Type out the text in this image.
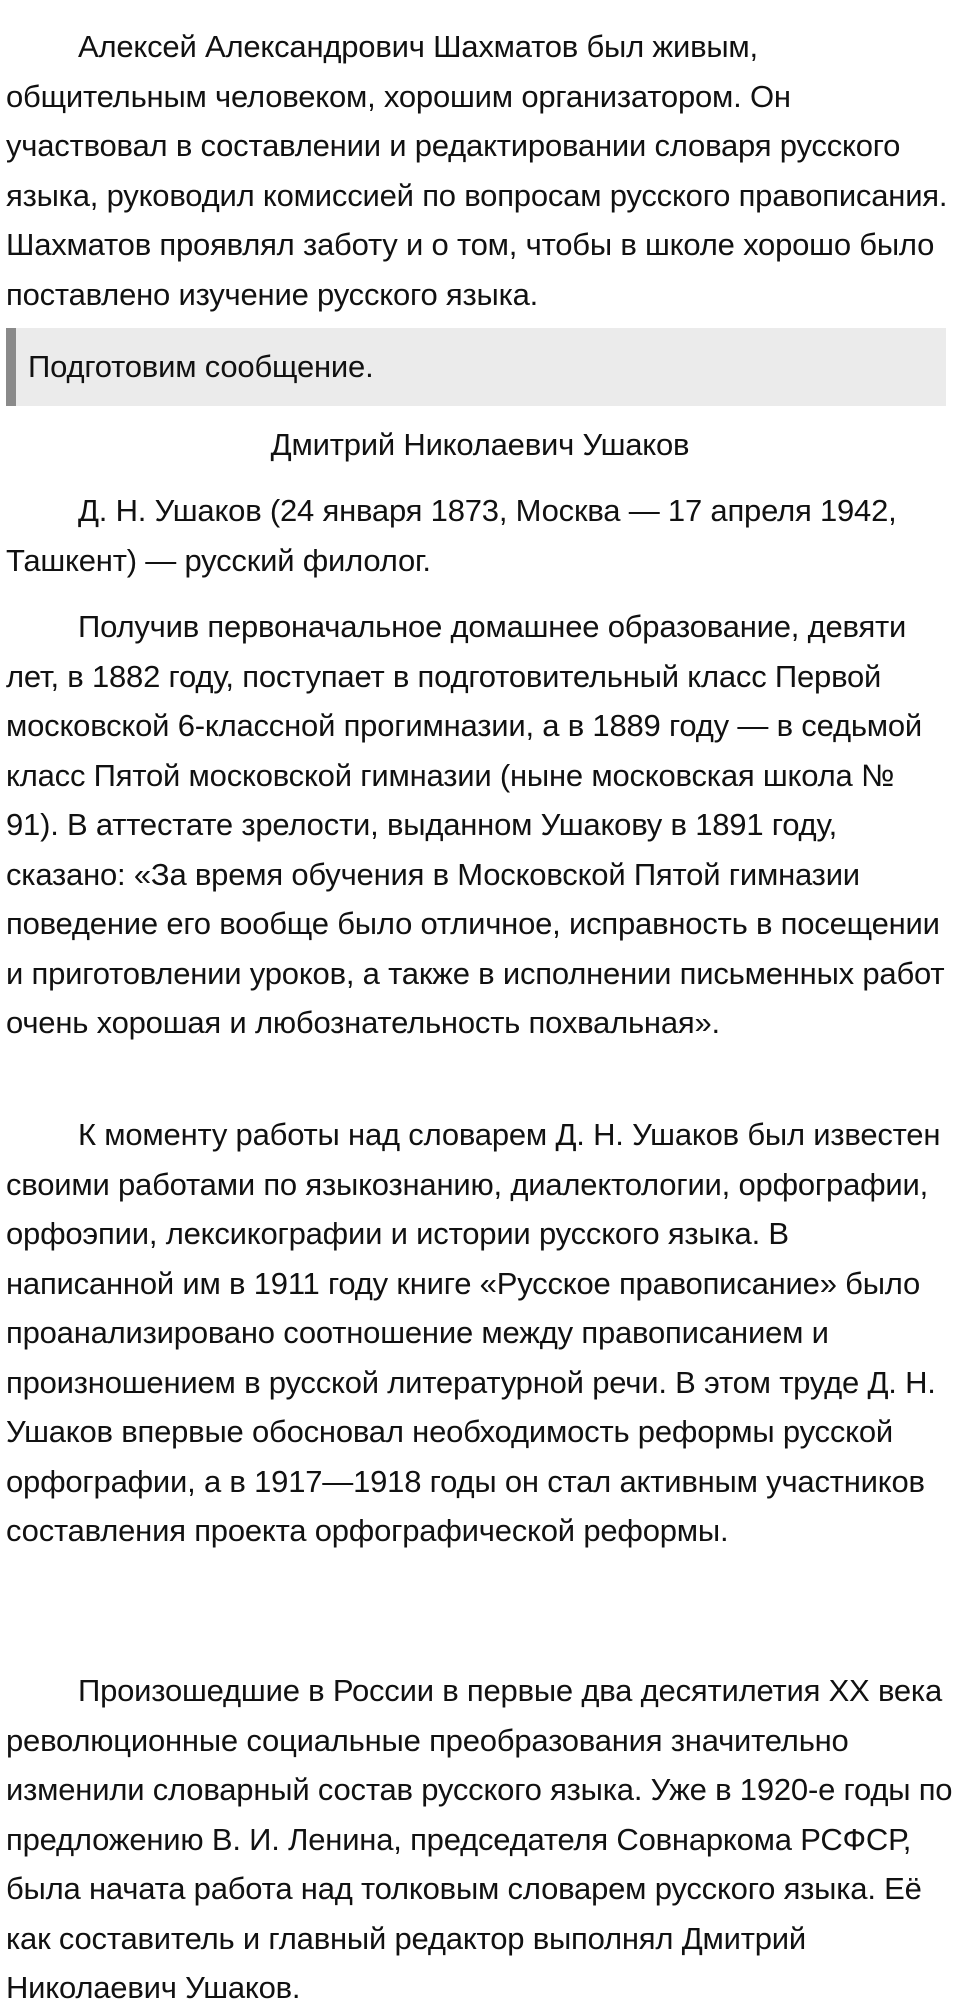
Алексей Александрович Шахматов был живым, общительным человеком, хорошим организатором. Он участвовал в составлении и редактировании словаря русского языка, руководил комиссией по вопросам русского правописания. Шахматов проявлял заботу и о том, чтобы в школе хорошо было поставлено изучение русского языка.

Подготовим сообщение.
Дмитрий Николаевич Ушаков

Д. Н. Ушаков (24 января 1873, Москва — 17 апреля 1942, Ташкент) — русский филолог.

Получив первоначальное домашнее образование, девяти лет, в 1882 году, поступает в подготовительный класс Первой московской 6-классной прогимназии, а в 1889 году — в седьмой класс Пятой московской гимназии (ныне московская школа № 91). В аттестате зрелости, выданном Ушакову в 1891 году, сказано: «За время обучения в Московской Пятой гимназии поведение его вообще было отличное, исправность в посещении и приготовлении уроков, а также в исполнении письменных работ очень хорошая и любознательность похвальная».

К моменту работы над словарем Д. Н. Ушаков был известен своими работами по языкознанию, диалектологии, орфографии, орфоэпии, лексикографии и истории русского языка. В написанной им в 1911 году книге «Русское правописание» было проанализировано соотношение между правописанием и произношением в русской литературной речи. В этом труде Д. Н. Ушаков впервые обосновал необходимость реформы русской орфографии, а в 1917—1918 годы он стал активным участников составления проекта орфографической реформы.

Произошедшие в России в первые два десятилетия XX века революционные социальные преобразования значительно изменили словарный состав русского языка. Уже в 1920-е годы по предложению В. И. Ленина, председателя Совнаркома РСФСР, была начата работа над толковым словарем русского языка. Её как составитель и главный редактор выполнял Дмитрий Николаевич Ушаков.
